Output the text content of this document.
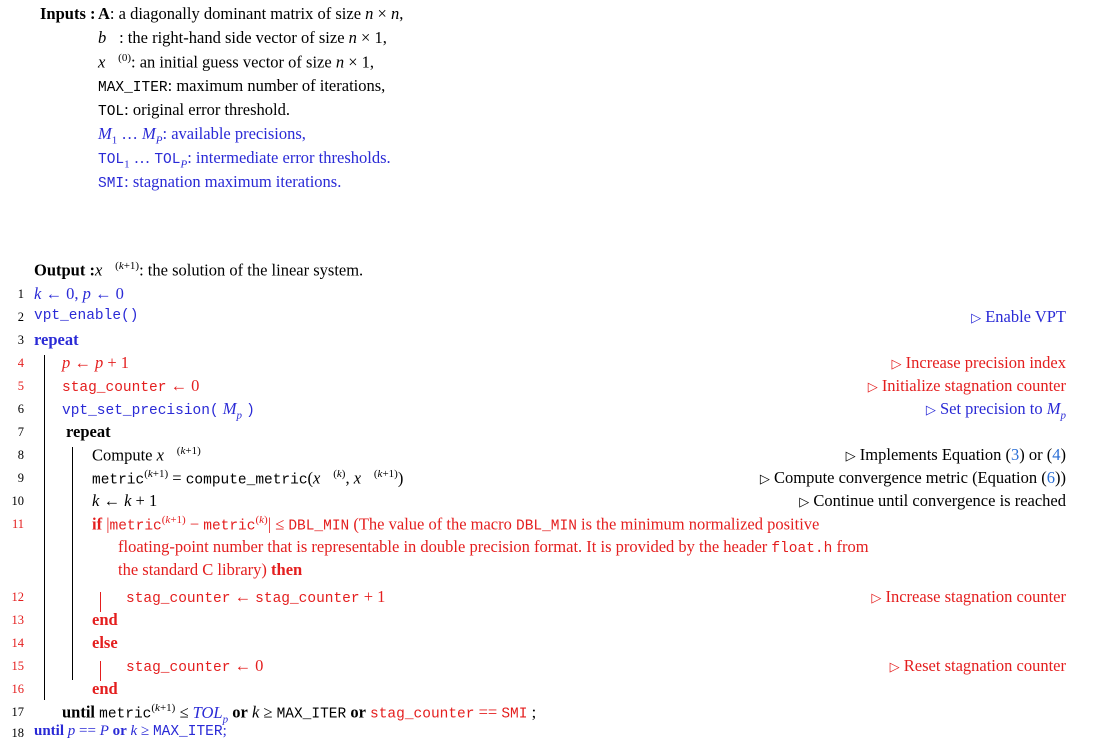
Inputs : A: a diagonally dominant matrix of size n × n,
b⃗: the right-hand side vector of size n × 1,
x⃗$^{(0)}$: an initial guess vector of size n × 1,
MAX_ITER: maximum number of iterations,
TOL: original error threshold.
$M_1$ … $M_P$: available precisions,
$TOL_1$ … $TOL_P$: intermediate error thresholds.
SMI: stagnation maximum iterations.
Output :x⃗$^{(k+1)}$: the solution of the linear system.
1
2
3
4
5
6
7
8
9
10
11
12
13
14
15
16
17
18
k ← 0, p ← 0
vpt_enable()	▷ Enable VPT
repeat
p ← p + 1	▷ Increase precision index
stag_counter ← 0	▷ Initialize stagnation counter
vpt_set_precision( $M_p$ )	▷ Set precision to $M_p$
repeat
Compute x⃗$^{(k+1)}$	▷ Implements Equation (3) or (4)
metric$^{(k+1)}$ = compute_metric(x⃗$^{(k)}$, x⃗$^{(k+1)}$)	▷ Compute convergence metric (Equation (6))
k ← k + 1	▷ Continue until convergence is reached
if |metric$^{(k+1)}$ − metric$^{(k)}$| ≤ DBL_MIN (The value of the macro DBL_MIN is the minimum normalized positive
floating-point number that is representable in double precision format. It is provided by the header float.h from
the standard C library) then
stag_counter ← stag_counter + 1	▷ Increase stagnation counter
end
else
stag_counter ← 0	▷ Reset stagnation counter
end
until metric$^{(k+1)}$ ≤ $TOL_p$ or k ≥ MAX_ITER or stag_counter == SMI ;
until p == P or k ≥ MAX_ITER;
